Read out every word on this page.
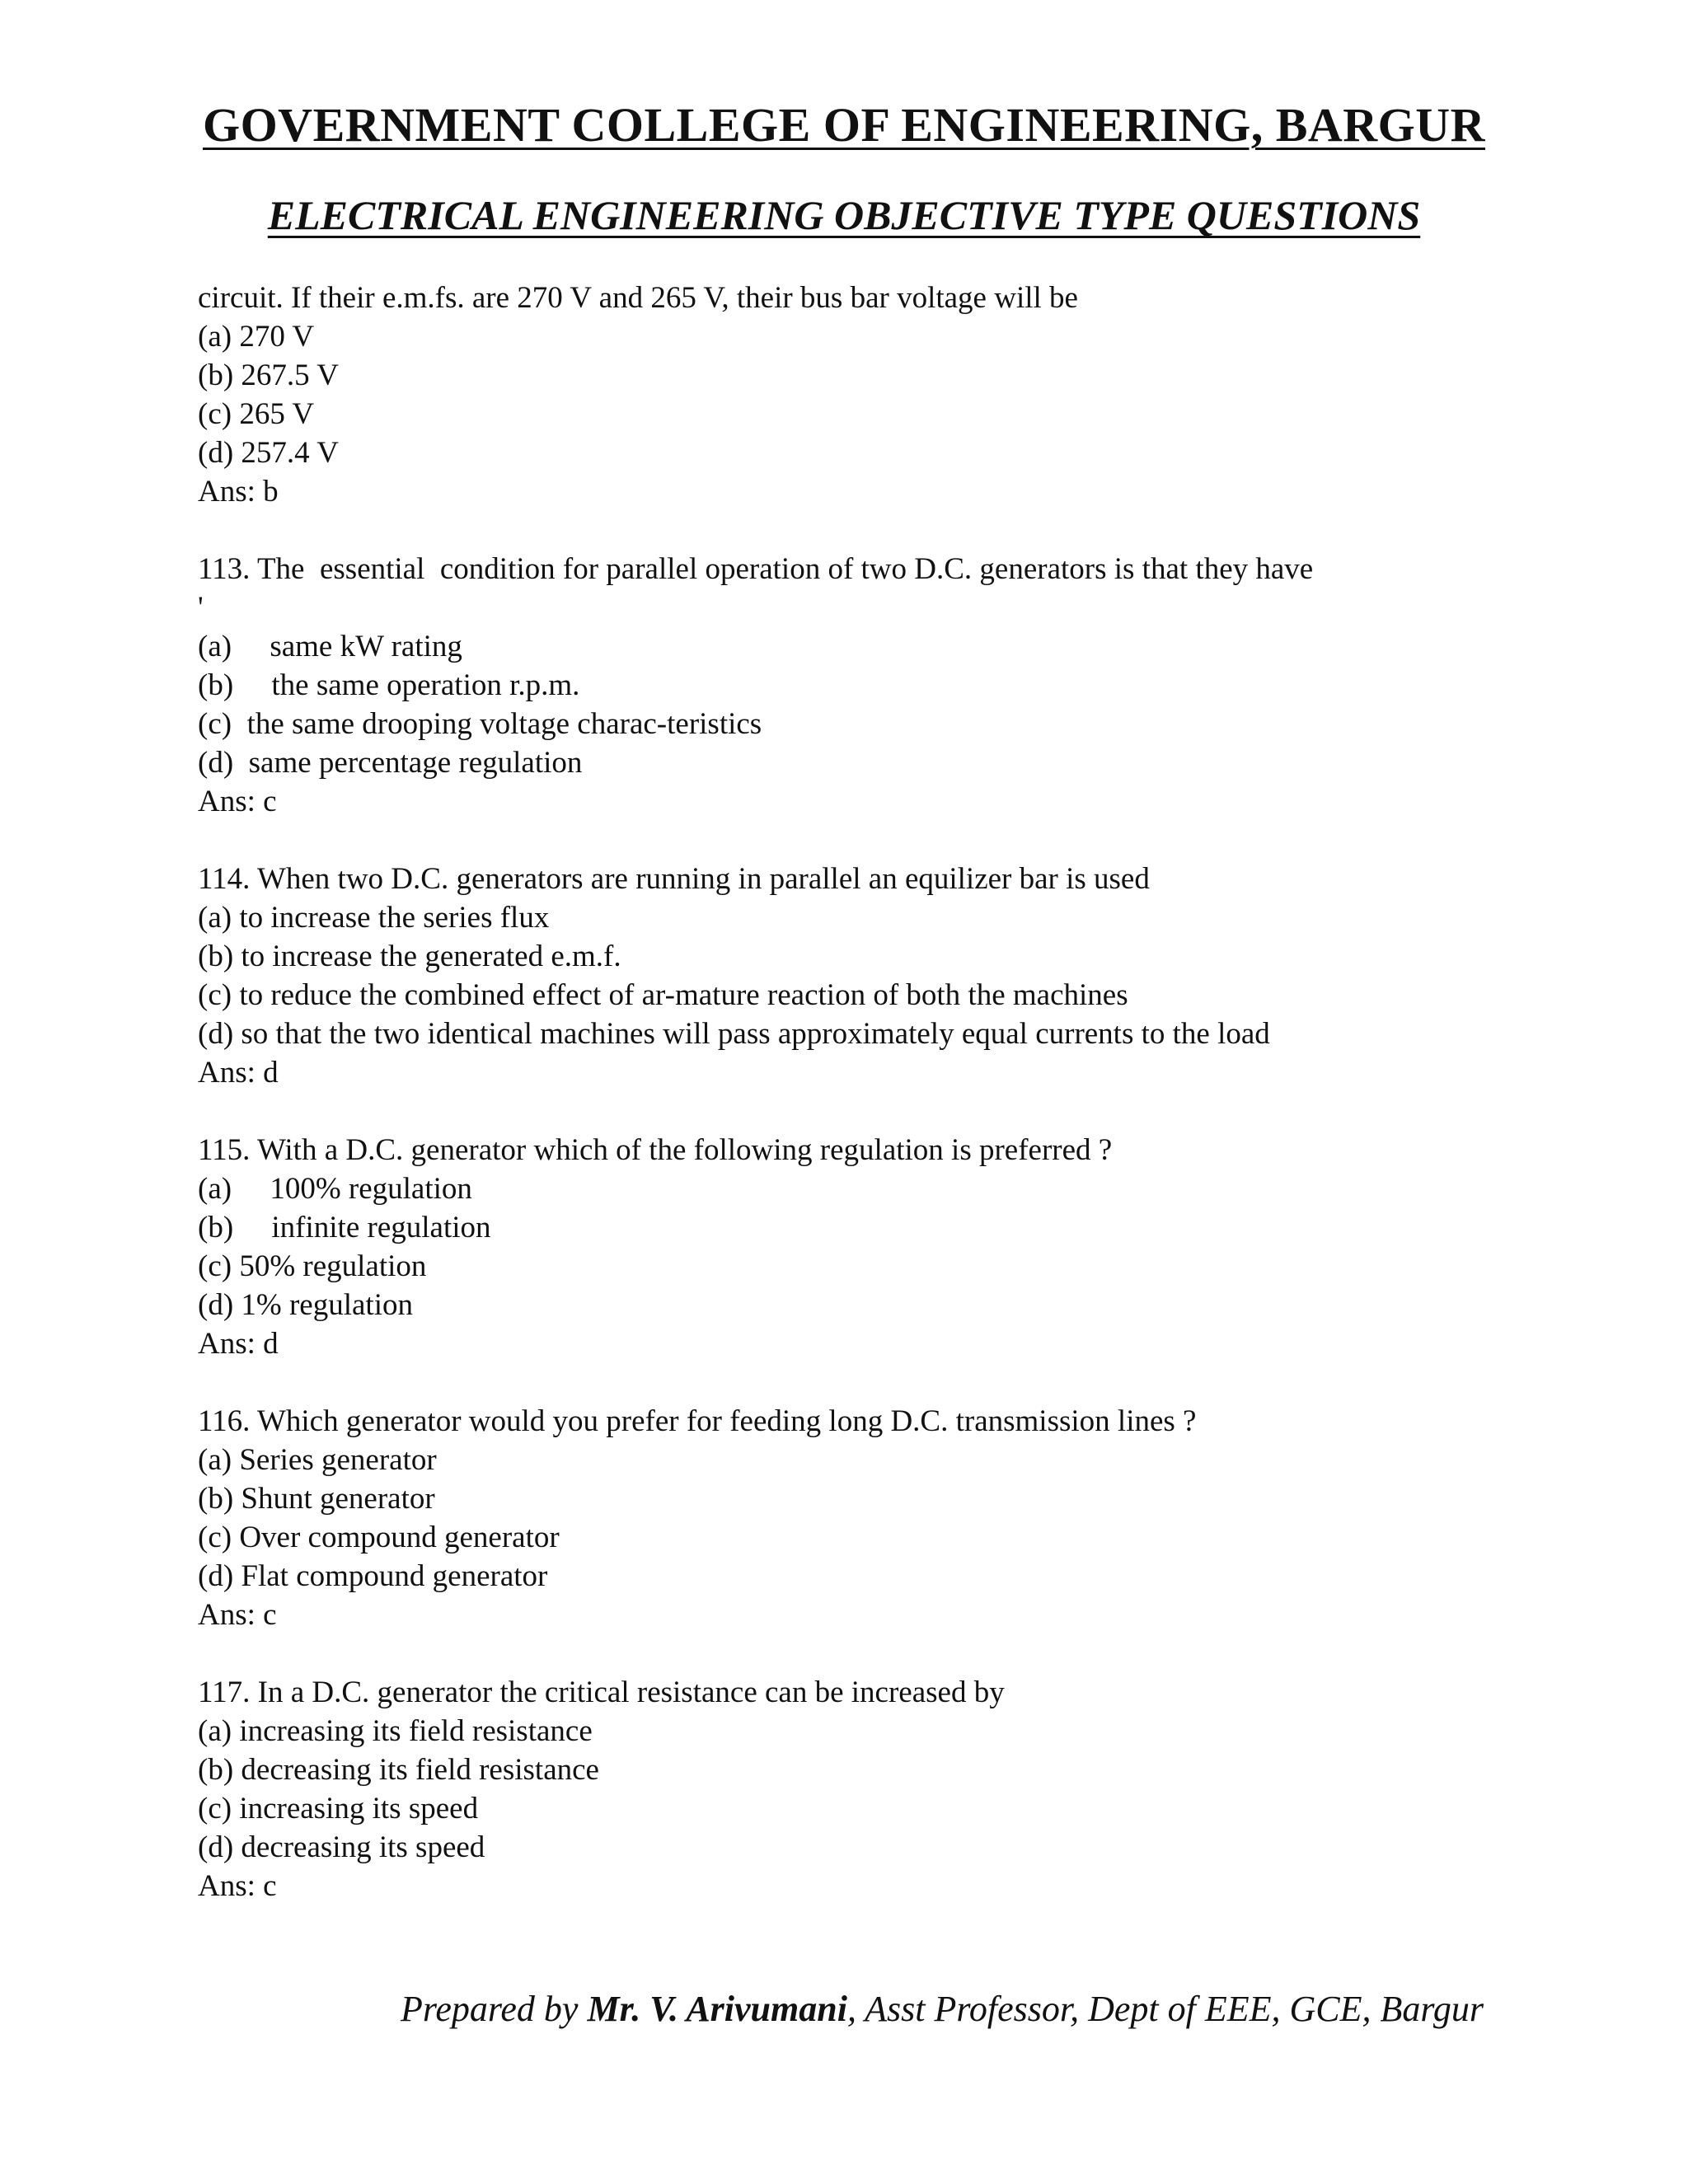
GOVERNMENT COLLEGE OF ENGINEERING, BARGUR
ELECTRICAL ENGINEERING OBJECTIVE TYPE QUESTIONS
circuit. If their e.m.fs. are 270 V and 265 V, their bus bar voltage will be
(a) 270 V
(b) 267.5 V
(c) 265 V
(d) 257.4 V
Ans: b
113. The  essential  condition for parallel operation of two D.C. generators is that they have
'
(a)     same kW rating
(b)     the same operation r.p.m.
(c)  the same drooping voltage charac-teristics
(d)  same percentage regulation
Ans: c
114. When two D.C. generators are running in parallel an equilizer bar is used
(a) to increase the series flux
(b) to increase the generated e.m.f.
(c) to reduce the combined effect of ar-mature reaction of both the machines
(d) so that the two identical machines will pass approximately equal currents to the load
Ans: d
115. With a D.C. generator which of the following regulation is preferred ?
(a)     100% regulation
(b)     infinite regulation
(c) 50% regulation
(d) 1% regulation
Ans: d
116. Which generator would you prefer for feeding long D.C. transmission lines ?
(a) Series generator
(b) Shunt generator
(c) Over compound generator
(d) Flat compound generator
Ans: c
117. In a D.C. generator the critical resistance can be increased by
(a) increasing its field resistance
(b) decreasing its field resistance
(c) increasing its speed
(d) decreasing its speed
Ans: c
Prepared by Mr. V. Arivumani, Asst Professor, Dept of EEE, GCE, Bargur
